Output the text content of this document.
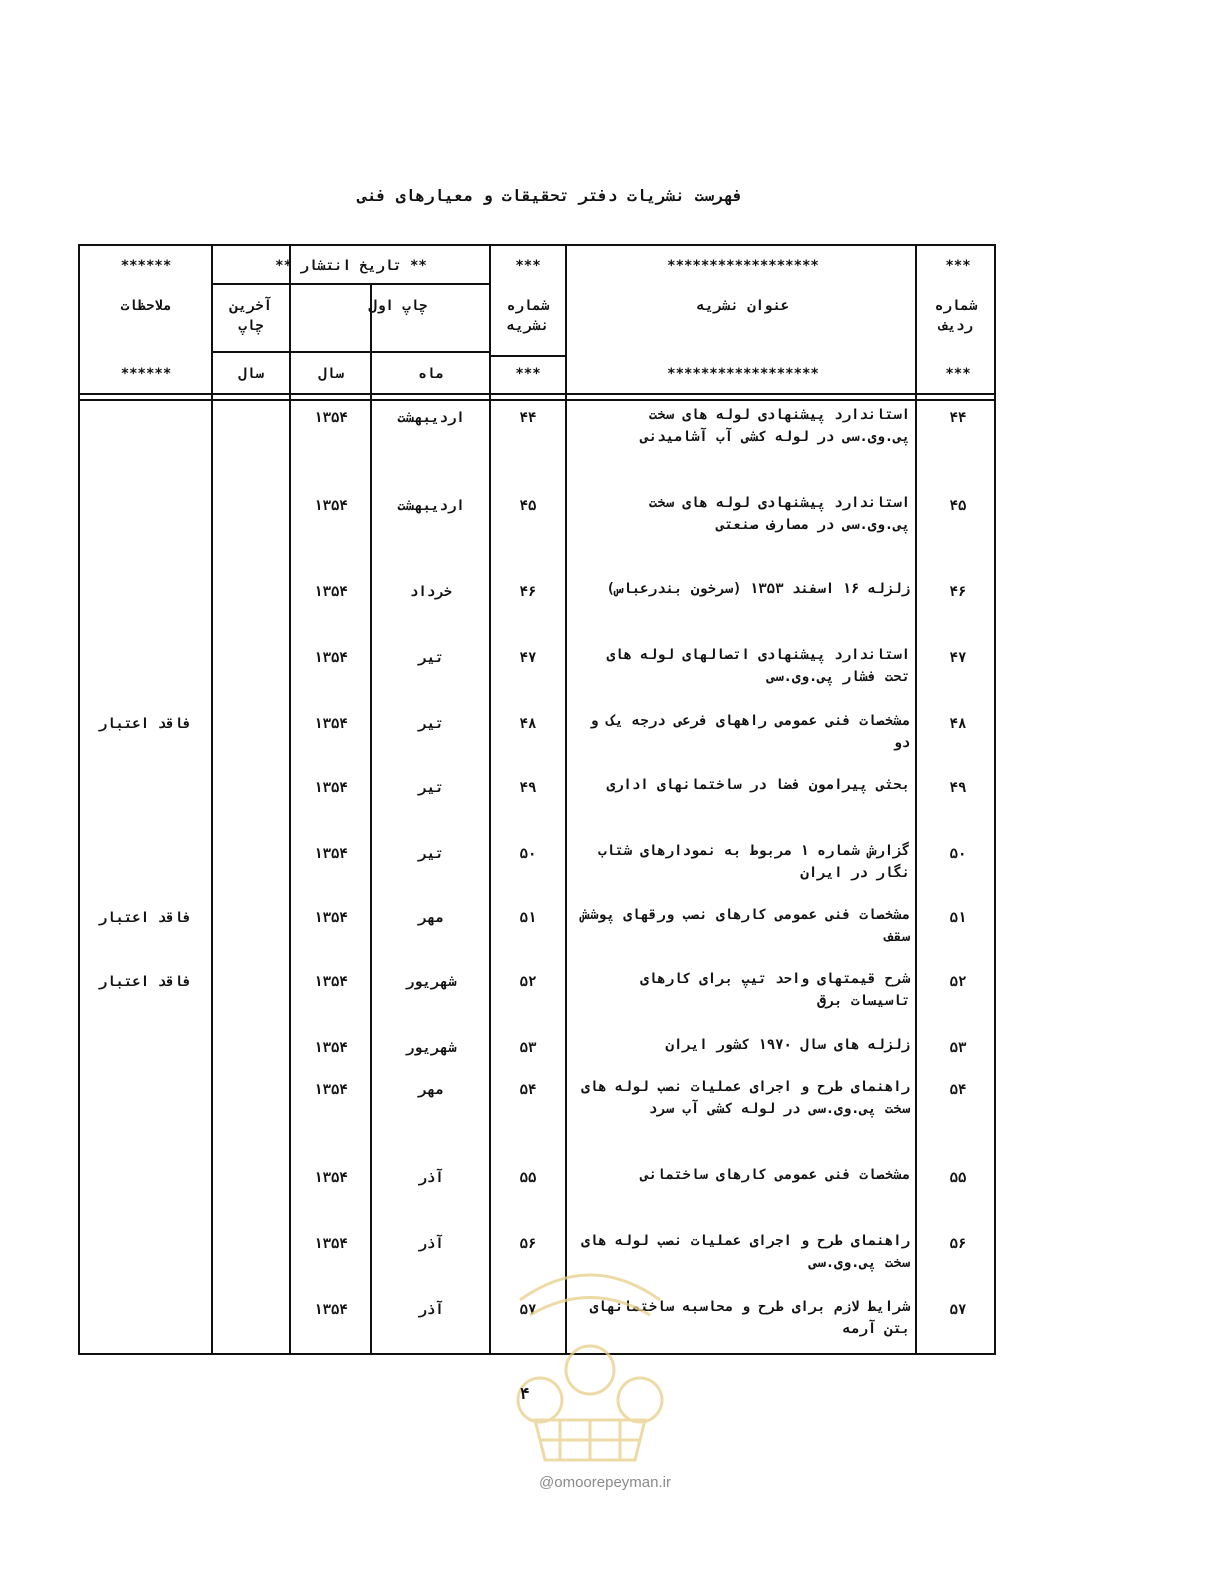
فهرست نشریات دفتر تحقیقات و معیارهای فنی
***
******************
***
** تاریخ انتشار **
******
شماره ردیف
عنوان نشریه
شماره نشریه
چاپ اول
آخرین چاپ
ملاحظات
***
******************
***
ماه
سال
سال
******
۴۴
استاندارد پیشنهادی لوله های سخت پی.وی.سی در لوله کشی آب آشامیدنی
۴۴
اردیبهشت
۱۳۵۴
۴۵
استاندارد پیشنهادی لوله های سخت پی.وی.سی در مصارف صنعتی
۴۵
اردیبهشت
۱۳۵۴
۴۶
زلزله ۱۶ اسفند ۱۳۵۳ (سرخون بندرعباس)
۴۶
خرداد
۱۳۵۴
۴۷
استاندارد پیشنهادی اتصالهای لوله های تحت فشار پی.وی.سی
۴۷
تیر
۱۳۵۴
۴۸
مشخصات فنی عمومی راههای فرعی درجه یک و دو
۴۸
تیر
۱۳۵۴
فاقد اعتبار
۴۹
بحثی پیرامون فضا در ساختمانهای اداری
۴۹
تیر
۱۳۵۴
۵۰
گزارش شماره ۱ مربوط به نمودارهای شتاب نگار در ایران
۵۰
تیر
۱۳۵۴
۵۱
مشخصات فنی عمومی کارهای نصب ورقهای پوشش سقف
۵۱
مهر
۱۳۵۴
فاقد اعتبار
۵۲
شرح قیمتهای واحد تیپ برای کارهای تاسیسات برق
۵۲
شهریور
۱۳۵۴
فاقد اعتبار
۵۳
زلزله های سال ۱۹۷۰ کشور ایران
۵۳
شهریور
۱۳۵۴
۵۴
راهنمای طرح و اجرای عملیات نصب لوله های سخت پی.وی.سی در لوله کشی آب سرد
۵۴
مهر
۱۳۵۴
۵۵
مشخصات فنی عمومی کارهای ساختمانی
۵۵
آذر
۱۳۵۴
۵۶
راهنمای طرح و اجرای عملیات نصب لوله های سخت پی.وی.سی
۵۶
آذر
۱۳۵۴
۵۷
شرایط لازم برای طرح و محاسبه ساختمانهای بتن آرمه
۵۷
آذر
۱۳۵۴
۴
@omoorepeyman.ir
